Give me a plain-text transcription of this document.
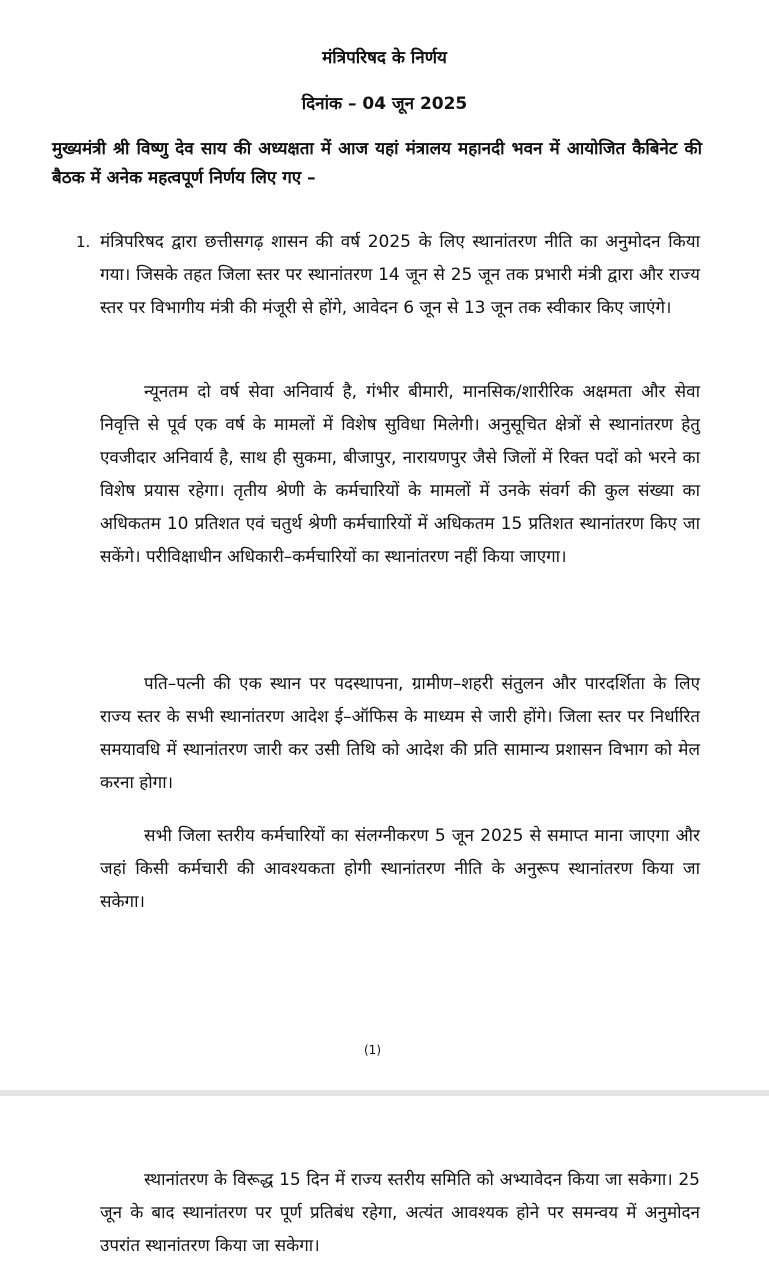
मंत्रिपरिषद के निर्णय
दिनांक – 04 जून 2025
मुख्यमंत्री श्री विष्णु देव साय की अध्यक्षता में आज यहां मंत्रालय महानदी भवन में आयोजित कैबिनेट की बैठक में अनेक महत्वपूर्ण निर्णय लिए गए –
1. मंत्रिपरिषद द्वारा छत्तीसगढ़ शासन की वर्ष 2025 के लिए स्थानांतरण नीति का अनुमोदन किया गया। जिसके तहत जिला स्तर पर स्थानांतरण 14 जून से 25 जून तक प्रभारी मंत्री द्वारा और राज्य स्तर पर विभागीय मंत्री की मंजूरी से होंगे, आवेदन 6 जून से 13 जून तक स्वीकार किए जाएंगे।

न्यूनतम दो वर्ष सेवा अनिवार्य है, गंभीर बीमारी, मानसिक/शारीरिक अक्षमता और सेवा निवृत्ति से पूर्व एक वर्ष के मामलों में विशेष सुविधा मिलेगी। अनुसूचित क्षेत्रों से स्थानांतरण हेतु एवजीदार अनिवार्य है, साथ ही सुकमा, बीजापुर, नारायणपुर जैसे जिलों में रिक्त पदों को भरने का विशेष प्रयास रहेगा। तृतीय श्रेणी के कर्मचारियों के मामलों में उनके संवर्ग की कुल संख्या का अधिकतम 10 प्रतिशत एवं चतुर्थ श्रेणी कर्मचाारियों में अधिकतम 15 प्रतिशत स्थानांतरण किए जा सकेंगे। परीविक्षाधीन अधिकारी–कर्मचारियों का स्थानांतरण नहीं किया जाएगा।

पति–पत्नी की एक स्थान पर पदस्थापना, ग्रामीण–शहरी संतुलन और पारदर्शिता के लिए राज्य स्तर के सभी स्थानांतरण आदेश ई–ऑफिस के माध्यम से जारी होंगे। जिला स्तर पर निर्धारित समयावधि में स्थानांतरण जारी कर उसी तिथि को आदेश की प्रति सामान्य प्रशासन विभाग को मेल करना होगा।

सभी जिला स्तरीय कर्मचारियों का संलग्नीकरण 5 जून 2025 से समाप्त माना जाएगा और जहां किसी कर्मचारी की आवश्यकता होगी स्थानांतरण नीति के अनुरूप स्थानांतरण किया जा सकेगा।

(1)

स्थानांतरण के विरूद्ध 15 दिन में राज्य स्तरीय समिति को अभ्यावेदन किया जा सकेगा। 25 जून के बाद स्थानांतरण पर पूर्ण प्रतिबंध रहेगा, अत्यंत आवश्यक होने पर समन्वय में अनुमोदन उपरांत स्थानांतरण किया जा सकेगा।
